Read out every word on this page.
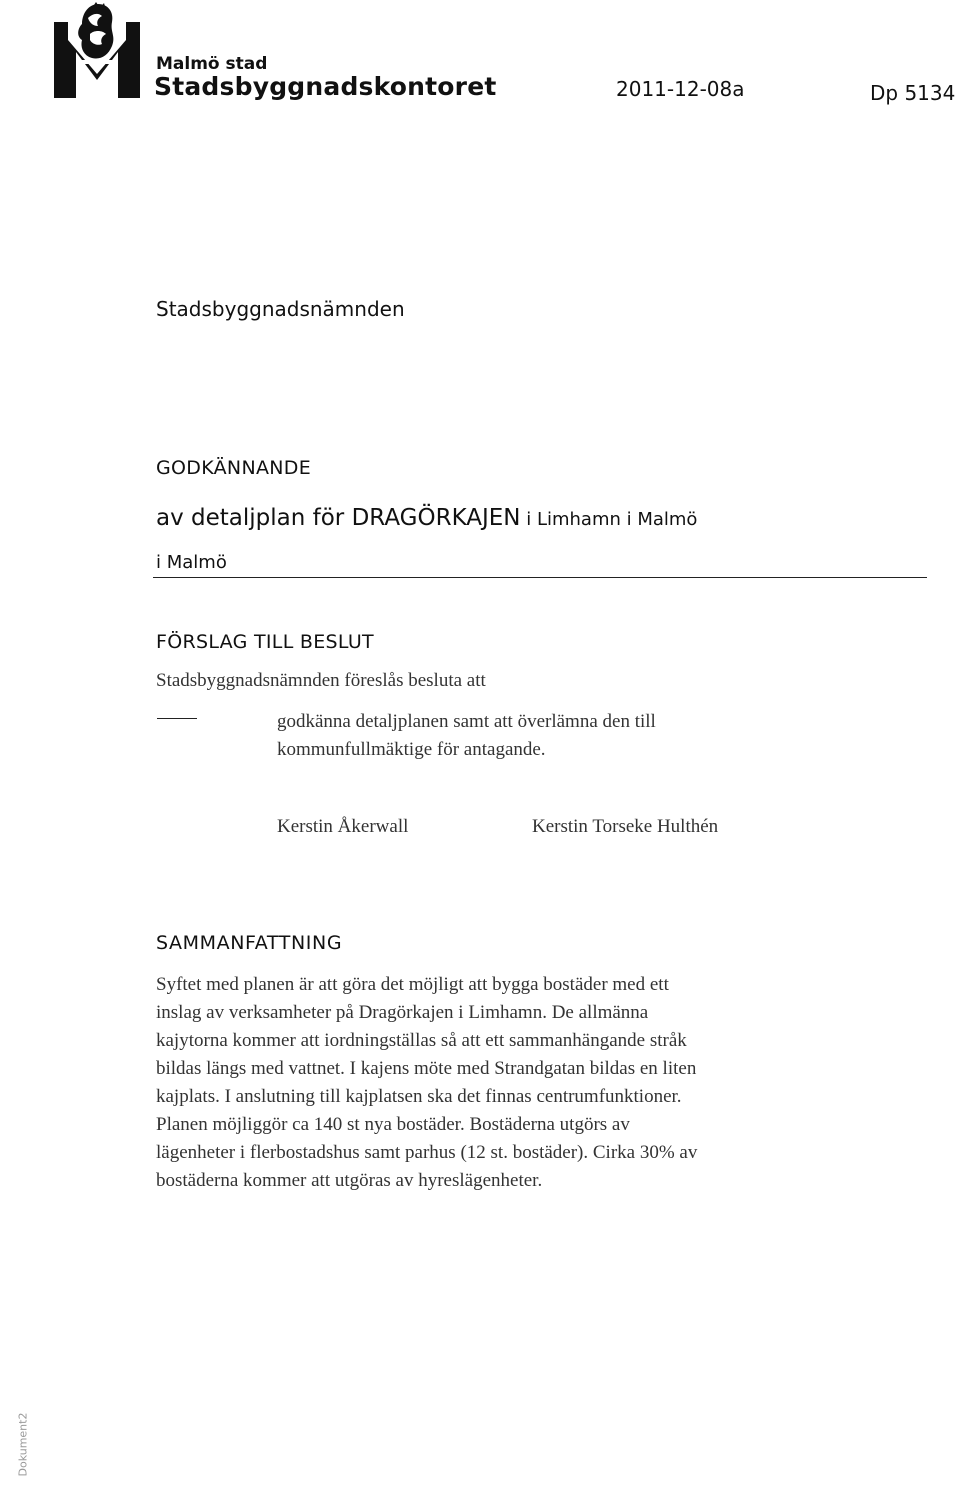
Malmö stad
Stadsbyggnadskontoret	2011-12-08a	Dp 5134
Stadsbyggnadsnämnden
GODKÄNNANDE
av detaljplan för DRAGÖRKAJEN i Limhamn i Malmö
i Malmö
FÖRSLAG TILL BESLUT
Stadsbyggnadsnämnden föreslås besluta att
godkänna detaljplanen samt att överlämna den till
kommunfullmäktige för antagande.
Kerstin Åkerwall	Kerstin Torseke Hulthén
SAMMANFATTNING
Syftet med planen är att göra det möjligt att bygga bostäder med ett
inslag av verksamheter på Dragörkajen i Limhamn. De allmänna
kajytorna kommer att iordningställas så att ett sammanhängande stråk
bildas längs med vattnet. I kajens möte med Strandgatan bildas en liten
kajplats. I anslutning till kajplatsen ska det finnas centrumfunktioner.
Planen möjliggör ca 140 st nya bostäder. Bostäderna utgörs av
lägenheter i flerbostadshus samt parhus (12 st. bostäder). Cirka 30% av
bostäderna kommer att utgöras av hyreslägenheter.
Dokument2
